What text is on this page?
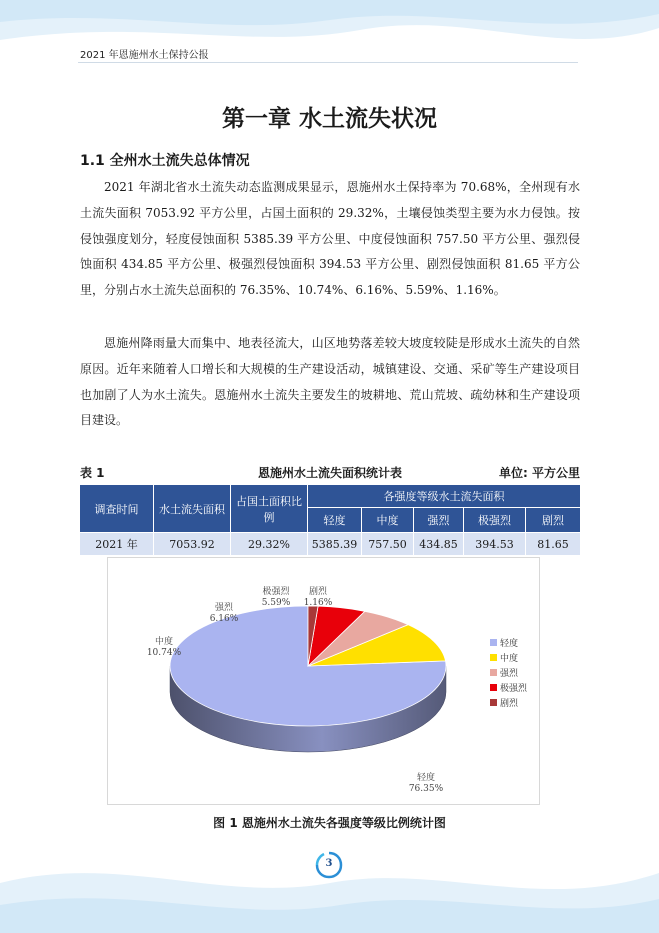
2021 年恩施州水土保持公报
第一章 水土流失状况
1.1 全州水土流失总体情况

2021 年湖北省水土流失动态监测成果显示，恩施州水土保持率为 70.68%，全州现有水土流失面积 7053.92 平方公里，占国土面积的 29.32%，土壤侵蚀类型主要为水力侵蚀。按侵蚀强度划分，轻度侵蚀面积 5385.39 平方公里、中度侵蚀面积 757.50 平方公里、强烈侵蚀面积 434.85 平方公里、极强烈侵蚀面积 394.53 平方公里、剧烈侵蚀面积 81.65 平方公里，分别占水土流失总面积的 76.35%、10.74%、6.16%、5.59%、1.16%。

恩施州降雨量大而集中、地表径流大，山区地势落差较大坡度较陡是形成水土流失的自然原因。近年来随着人口增长和大规模的生产建设活动，城镇建设、交通、采矿等生产建设项目也加剧了人为水土流失。恩施州水土流失主要发生的坡耕地、荒山荒坡、疏幼林和生产建设项目建设。

表 1	恩施州水土流失面积统计表	单位: 平方公里
调查时间	水土流失面积	占国土面积比例	各强度等级水土流失面积				
			轻度	中度	强烈	极强烈	剧烈
2021 年	7053.92	29.32%	5385.39	757.50	434.85	394.53	81.65
轻度
76.35%
中度
10.74%
强烈
6.16%
极强烈
5.59%
剧烈
1.16%
轻度
中度
强烈
极强烈
剧烈
图 1 恩施州水土流失各强度等级比例统计图
3
